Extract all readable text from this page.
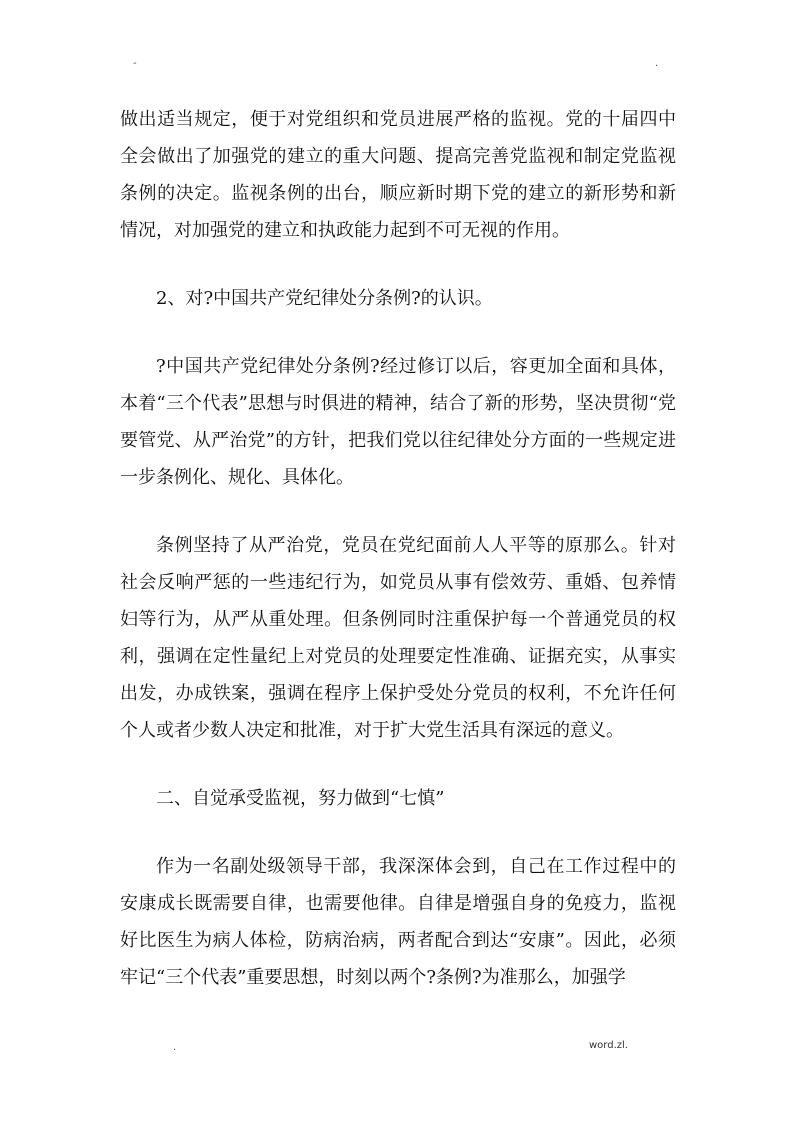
-	.

做出适当规定，便于对党组织和党员进展严格的监视。党的十届四中全会做出了加强党的建立的重大问题、提高完善党监视和制定党监视条例的决定。监视条例的出台，顺应新时期下党的建立的新形势和新情况，对加强党的建立和执政能力起到不可无视的作用。

2、对?中国共产党纪律处分条例?的认识。

?中国共产党纪律处分条例?经过修订以后，容更加全面和具体，本着“三个代表”思想与时俱进的精神，结合了新的形势，坚决贯彻“党要管党、从严治党”的方针，把我们党以往纪律处分方面的一些规定进一步条例化、规化、具体化。

条例坚持了从严治党，党员在党纪面前人人平等的原那么。针对社会反响严惩的一些违纪行为，如党员从事有偿效劳、重婚、包养情妇等行为，从严从重处理。但条例同时注重保护每一个普通党员的权利，强调在定性量纪上对党员的处理要定性准确、证据充实，从事实出发，办成铁案，强调在程序上保护受处分党员的权利，不允许任何个人或者少数人决定和批准，对于扩大党生活具有深远的意义。

二、自觉承受监视，努力做到“七慎”

作为一名副处级领导干部，我深深体会到，自己在工作过程中的安康成长既需要自律，也需要他律。自律是增强自身的免疫力，监视好比医生为病人体检，防病治病，两者配合到达“安康”。因此，必须牢记“三个代表”重要思想，时刻以两个?条例?为准那么，加强学

.	word.zl.
